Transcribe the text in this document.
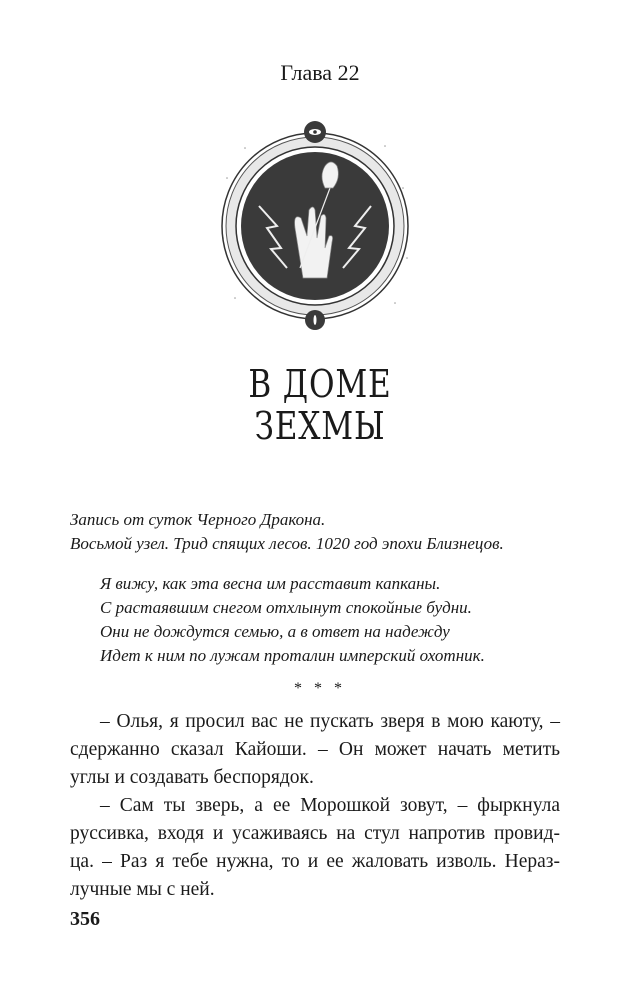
Глава 22
В ДОМЕ
ЗЕХМЫ
Запись от суток Черного Дракона.
Восьмой узел. Трид спящих лесов. 1020 год эпохи Близнецов.
Я вижу, как эта весна им расставит капканы.
С растаявшим снегом отхлынут спокойные будни.
Они не дождутся семью, а в ответ на надежду
Идет к ним по лужам проталин имперский охотник.
* * *
– Олья, я просил вас не пускать зверя в мою каюту, –
сдержанно сказал Кайоши. – Он может начать метить
углы и создавать беспорядок.
– Сам ты зверь, а ее Морошкой зовут, – фыркнула
руссивка, входя и усаживаясь на стул напротив провид-
ца. – Раз я тебе нужна, то и ее жаловать изволь. Нераз-
лучные мы с ней.
356
